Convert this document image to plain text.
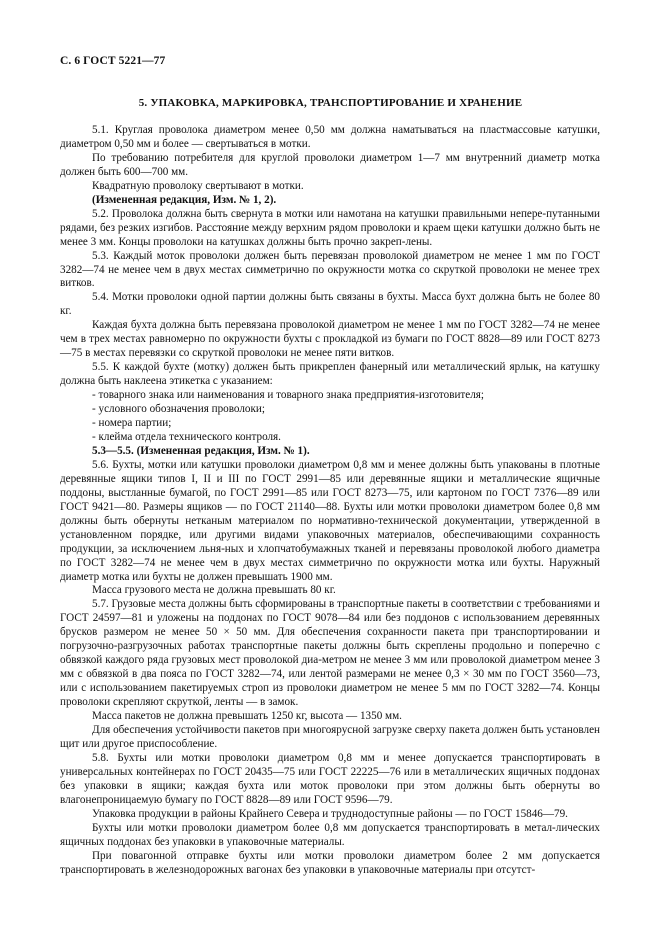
С. 6 ГОСТ 5221—77
5. УПАКОВКА, МАРКИРОВКА, ТРАНСПОРТИРОВАНИЕ И ХРАНЕНИЕ

5.1. Круглая проволока диаметром менее 0,50 мм должна наматываться на пластмассовые катушки, диаметром 0,50 мм и более — свертываться в мотки.

По требованию потребителя для круглой проволоки диаметром 1—7 мм внутренний диаметр мотка должен быть 600—700 мм.

Квадратную проволоку свертывают в мотки.

(Измененная редакция, Изм. № 1, 2).

5.2. Проволока должна быть свернута в мотки или намотана на катушки правильными непере-путанными рядами, без резких изгибов. Расстояние между верхним рядом проволоки и краем щеки катушки должно быть не менее 3 мм. Концы проволоки на катушках должны быть прочно закреп-лены.

5.3. Каждый моток проволоки должен быть перевязан проволокой диаметром не менее 1 мм по ГОСТ 3282—74 не менее чем в двух местах симметрично по окружности мотка со скруткой проволоки не менее трех витков.

5.4. Мотки проволоки одной партии должны быть связаны в бухты. Масса бухт должна быть не более 80 кг.

Каждая бухта должна быть перевязана проволокой диаметром не менее 1 мм по ГОСТ 3282—74 не менее чем в трех местах равномерно по окружности бухты с прокладкой из бумаги по ГОСТ 8828—89 или ГОСТ 8273—75 в местах перевязки со скруткой проволоки не менее пяти витков.

5.5. К каждой бухте (мотку) должен быть прикреплен фанерный или металлический ярлык, на катушку должна быть наклеена этикетка с указанием:

- товарного знака или наименования и товарного знака предприятия-изготовителя;

- условного обозначения проволоки;

- номера партии;

- клейма отдела технического контроля.

5.3—5.5. (Измененная редакция, Изм. № 1).

5.6. Бухты, мотки или катушки проволоки диаметром 0,8 мм и менее должны быть упакованы в плотные деревянные ящики типов I, II и III по ГОСТ 2991—85 или деревянные ящики и металлические ящичные поддоны, выстланные бумагой, по ГОСТ 2991—85 или ГОСТ 8273—75, или картоном по ГОСТ 7376—89 или ГОСТ 9421—80. Размеры ящиков — по ГОСТ 21140—88. Бухты или мотки проволоки диаметром более 0,8 мм должны быть обернуты нетканым материалом по нормативно-технической документации, утвержденной в установленном порядке, или другими видами упаковочных материалов, обеспечивающими сохранность продукции, за исключением льня-ных и хлопчатобумажных тканей и перевязаны проволокой любого диаметра по ГОСТ 3282—74 не менее чем в двух местах симметрично по окружности мотка или бухты. Наружный диаметр мотка или бухты не должен превышать 1900 мм.

Масса грузового места не должна превышать 80 кг.

5.7. Грузовые места должны быть сформированы в транспортные пакеты в соответствии с требованиями и ГОСТ 24597—81 и уложены на поддонах по ГОСТ 9078—84 или без поддонов с использованием деревянных брусков размером не менее 50 × 50 мм. Для обеспечения сохранности пакета при транспортировании и погрузочно-разгрузочных работах транспортные пакеты должны быть скреплены продольно и поперечно с обвязкой каждого ряда грузовых мест проволокой диа-метром не менее 3 мм или проволокой диаметром менее 3 мм с обвязкой в два пояса по ГОСТ 3282—74, или лентой размерами не менее 0,3 × 30 мм по ГОСТ 3560—73, или с использованием пакетируемых строп из проволоки диаметром не менее 5 мм по ГОСТ 3282—74. Концы проволоки скрепляют скруткой, ленты — в замок.

Масса пакетов не должна превышать 1250 кг, высота — 1350 мм.

Для обеспечения устойчивости пакетов при многоярусной загрузке сверху пакета должен быть установлен щит или другое приспособление.

5.8. Бухты или мотки проволоки диаметром 0,8 мм и менее допускается транспортировать в универсальных контейнерах по ГОСТ 20435—75 или ГОСТ 22225—76 или в металлических ящичных поддонах без упаковки в ящики; каждая бухта или моток проволоки при этом должны быть обернуты во влагонепроницаемую бумагу по ГОСТ 8828—89 или ГОСТ 9596—79.

Упаковка продукции в районы Крайнего Севера и труднодоступные районы — по ГОСТ 15846—79.

Бухты или мотки проволоки диаметром более 0,8 мм допускается транспортировать в метал-лических ящичных поддонах без упаковки в упаковочные материалы.

При повагонной отправке бухты или мотки проволоки диаметром более 2 мм допускается транспортировать в железнодорожных вагонах без упаковки в упаковочные материалы при отсутст-
